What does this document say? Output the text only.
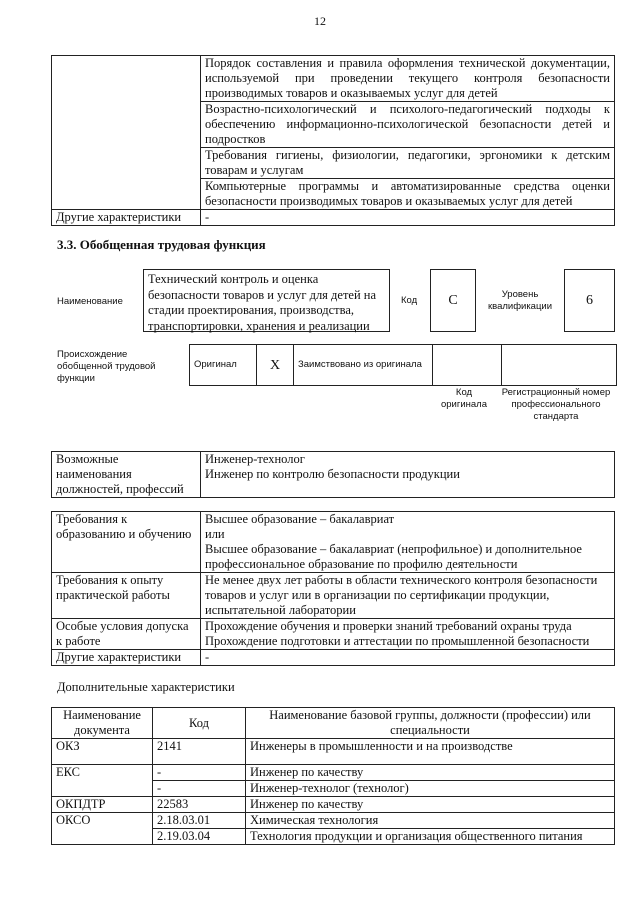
12
	Порядок составления и правила оформления технической документации, используемой при проведении текущего контроля безопасности производимых товаров и оказываемых услуг для детей
	Возрастно-психологический и психолого-педагогический подходы к обеспечению информационно-психологической безопасности детей и подростков
	Требования гигиены, физиологии, педагогики, эргономики к детским товарам и услугам
	Компьютерные программы и автоматизированные средства оценки безопасности производимых товаров и оказываемых услуг для детей
Другие характеристики	-
3.3. Обобщенная трудовая функция
Наименование
Технический контроль и оценка безопасности товаров и услуг для детей на стадии проектирования, производства, транспортировки, хранения и реализации
Код	C	Уровень квалификации	6
Происхождение обобщенной трудовой функции
Оригинал	X	Заимствовано из оригинала

Код оригинала
Регистрационный номер профессионального стандарта
Возможные наименования должностей, профессий	
Инженер-технолог
Инженер по контролю безопасности продукции
Требования к образованию и обучению	Высшее образование – бакалавриат
или
Высшее образование – бакалавриат (непрофильное) и дополнительное профессиональное образование по профилю деятельности

Требования к опыту практической работы	Не менее двух лет работы в области технического контроля безопасности товаров и услуг или в организации по сертификации продукции, испытательной лаборатории

Особые условия допуска к работе	Прохождение обучения и проверки знаний требований охраны труда
Прохождение подготовки и аттестации по промышленной безопасности

Другие характеристики	-
Дополнительные характеристики
Наименование документа	Код	Наименование базовой группы, должности (профессии) или специальности
ОКЗ	2141	Инженеры в промышленности и на производстве
ЕКС	-	Инженер по качеству
	-	Инженер-технолог (технолог)
ОКПДТР	22583	Инженер по качеству
ОКСО	2.18.03.01	Химическая технология
	2.19.03.04	Технология продукции и организация общественного питания
